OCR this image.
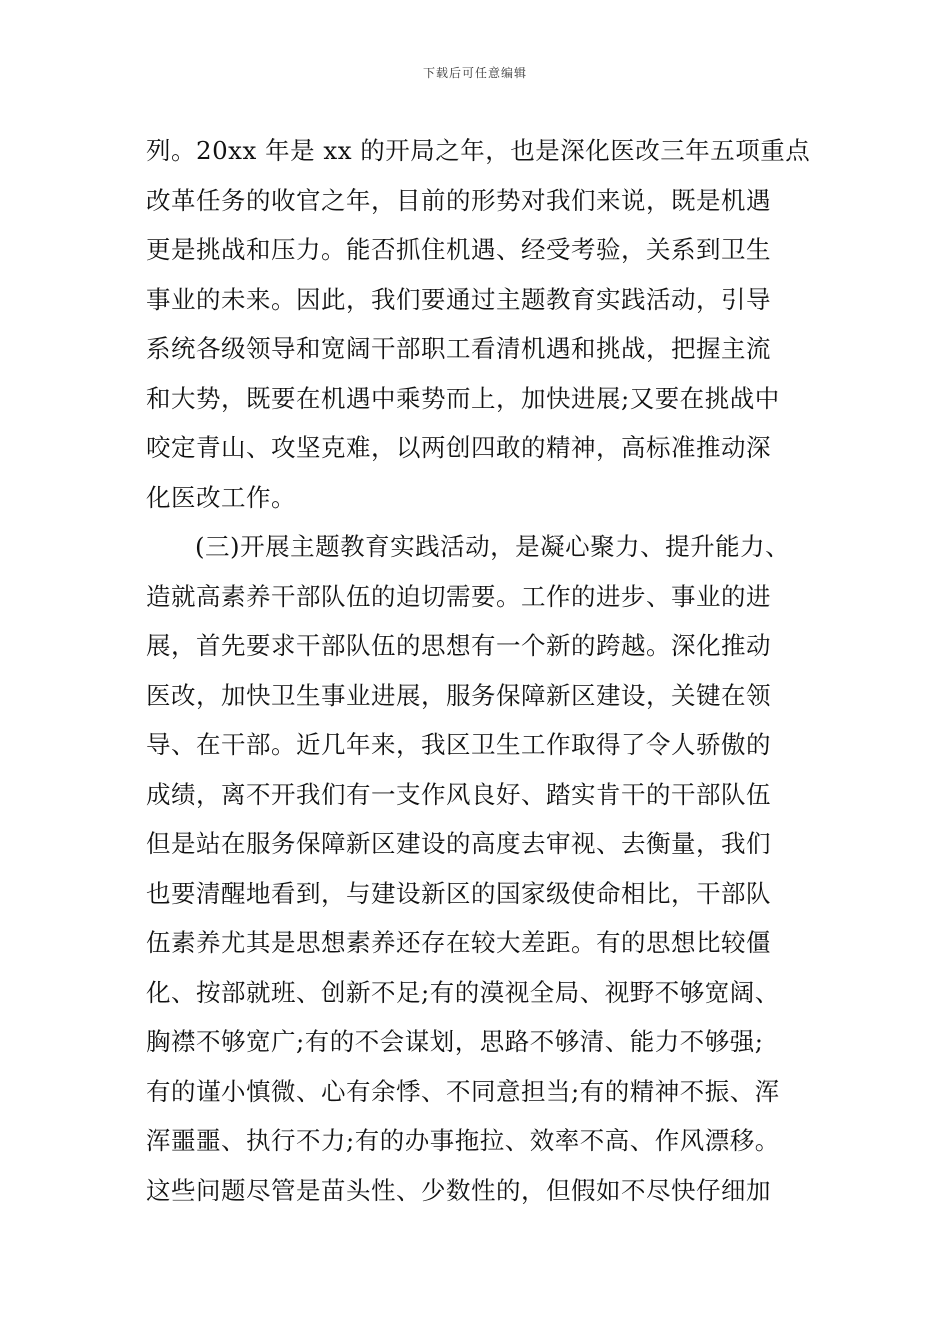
下载后可任意编辑
列。20xx 年是 xx 的开局之年，也是深化医改三年五项重点
改革任务的收官之年，目前的形势对我们来说，既是机遇
更是挑战和压力。能否抓住机遇、经受考验，关系到卫生
事业的未来。因此，我们要通过主题教育实践活动，引导
系统各级领导和宽阔干部职工看清机遇和挑战，把握主流
和大势，既要在机遇中乘势而上，加快进展;又要在挑战中
咬定青山、攻坚克难，以两创四敢的精神，高标准推动深
化医改工作。
(三)开展主题教育实践活动，是凝心聚力、提升能力、
造就高素养干部队伍的迫切需要。工作的进步、事业的进
展，首先要求干部队伍的思想有一个新的跨越。深化推动
医改，加快卫生事业进展，服务保障新区建设，关键在领
导、在干部。近几年来，我区卫生工作取得了令人骄傲的
成绩，离不开我们有一支作风良好、踏实肯干的干部队伍
但是站在服务保障新区建设的高度去审视、去衡量，我们
也要清醒地看到，与建设新区的国家级使命相比，干部队
伍素养尤其是思想素养还存在较大差距。有的思想比较僵
化、按部就班、创新不足;有的漠视全局、视野不够宽阔、
胸襟不够宽广;有的不会谋划，思路不够清、能力不够强;
有的谨小慎微、心有余悸、不同意担当;有的精神不振、浑
浑噩噩、执行不力;有的办事拖拉、效率不高、作风漂移。
这些问题尽管是苗头性、少数性的，但假如不尽快仔细加
